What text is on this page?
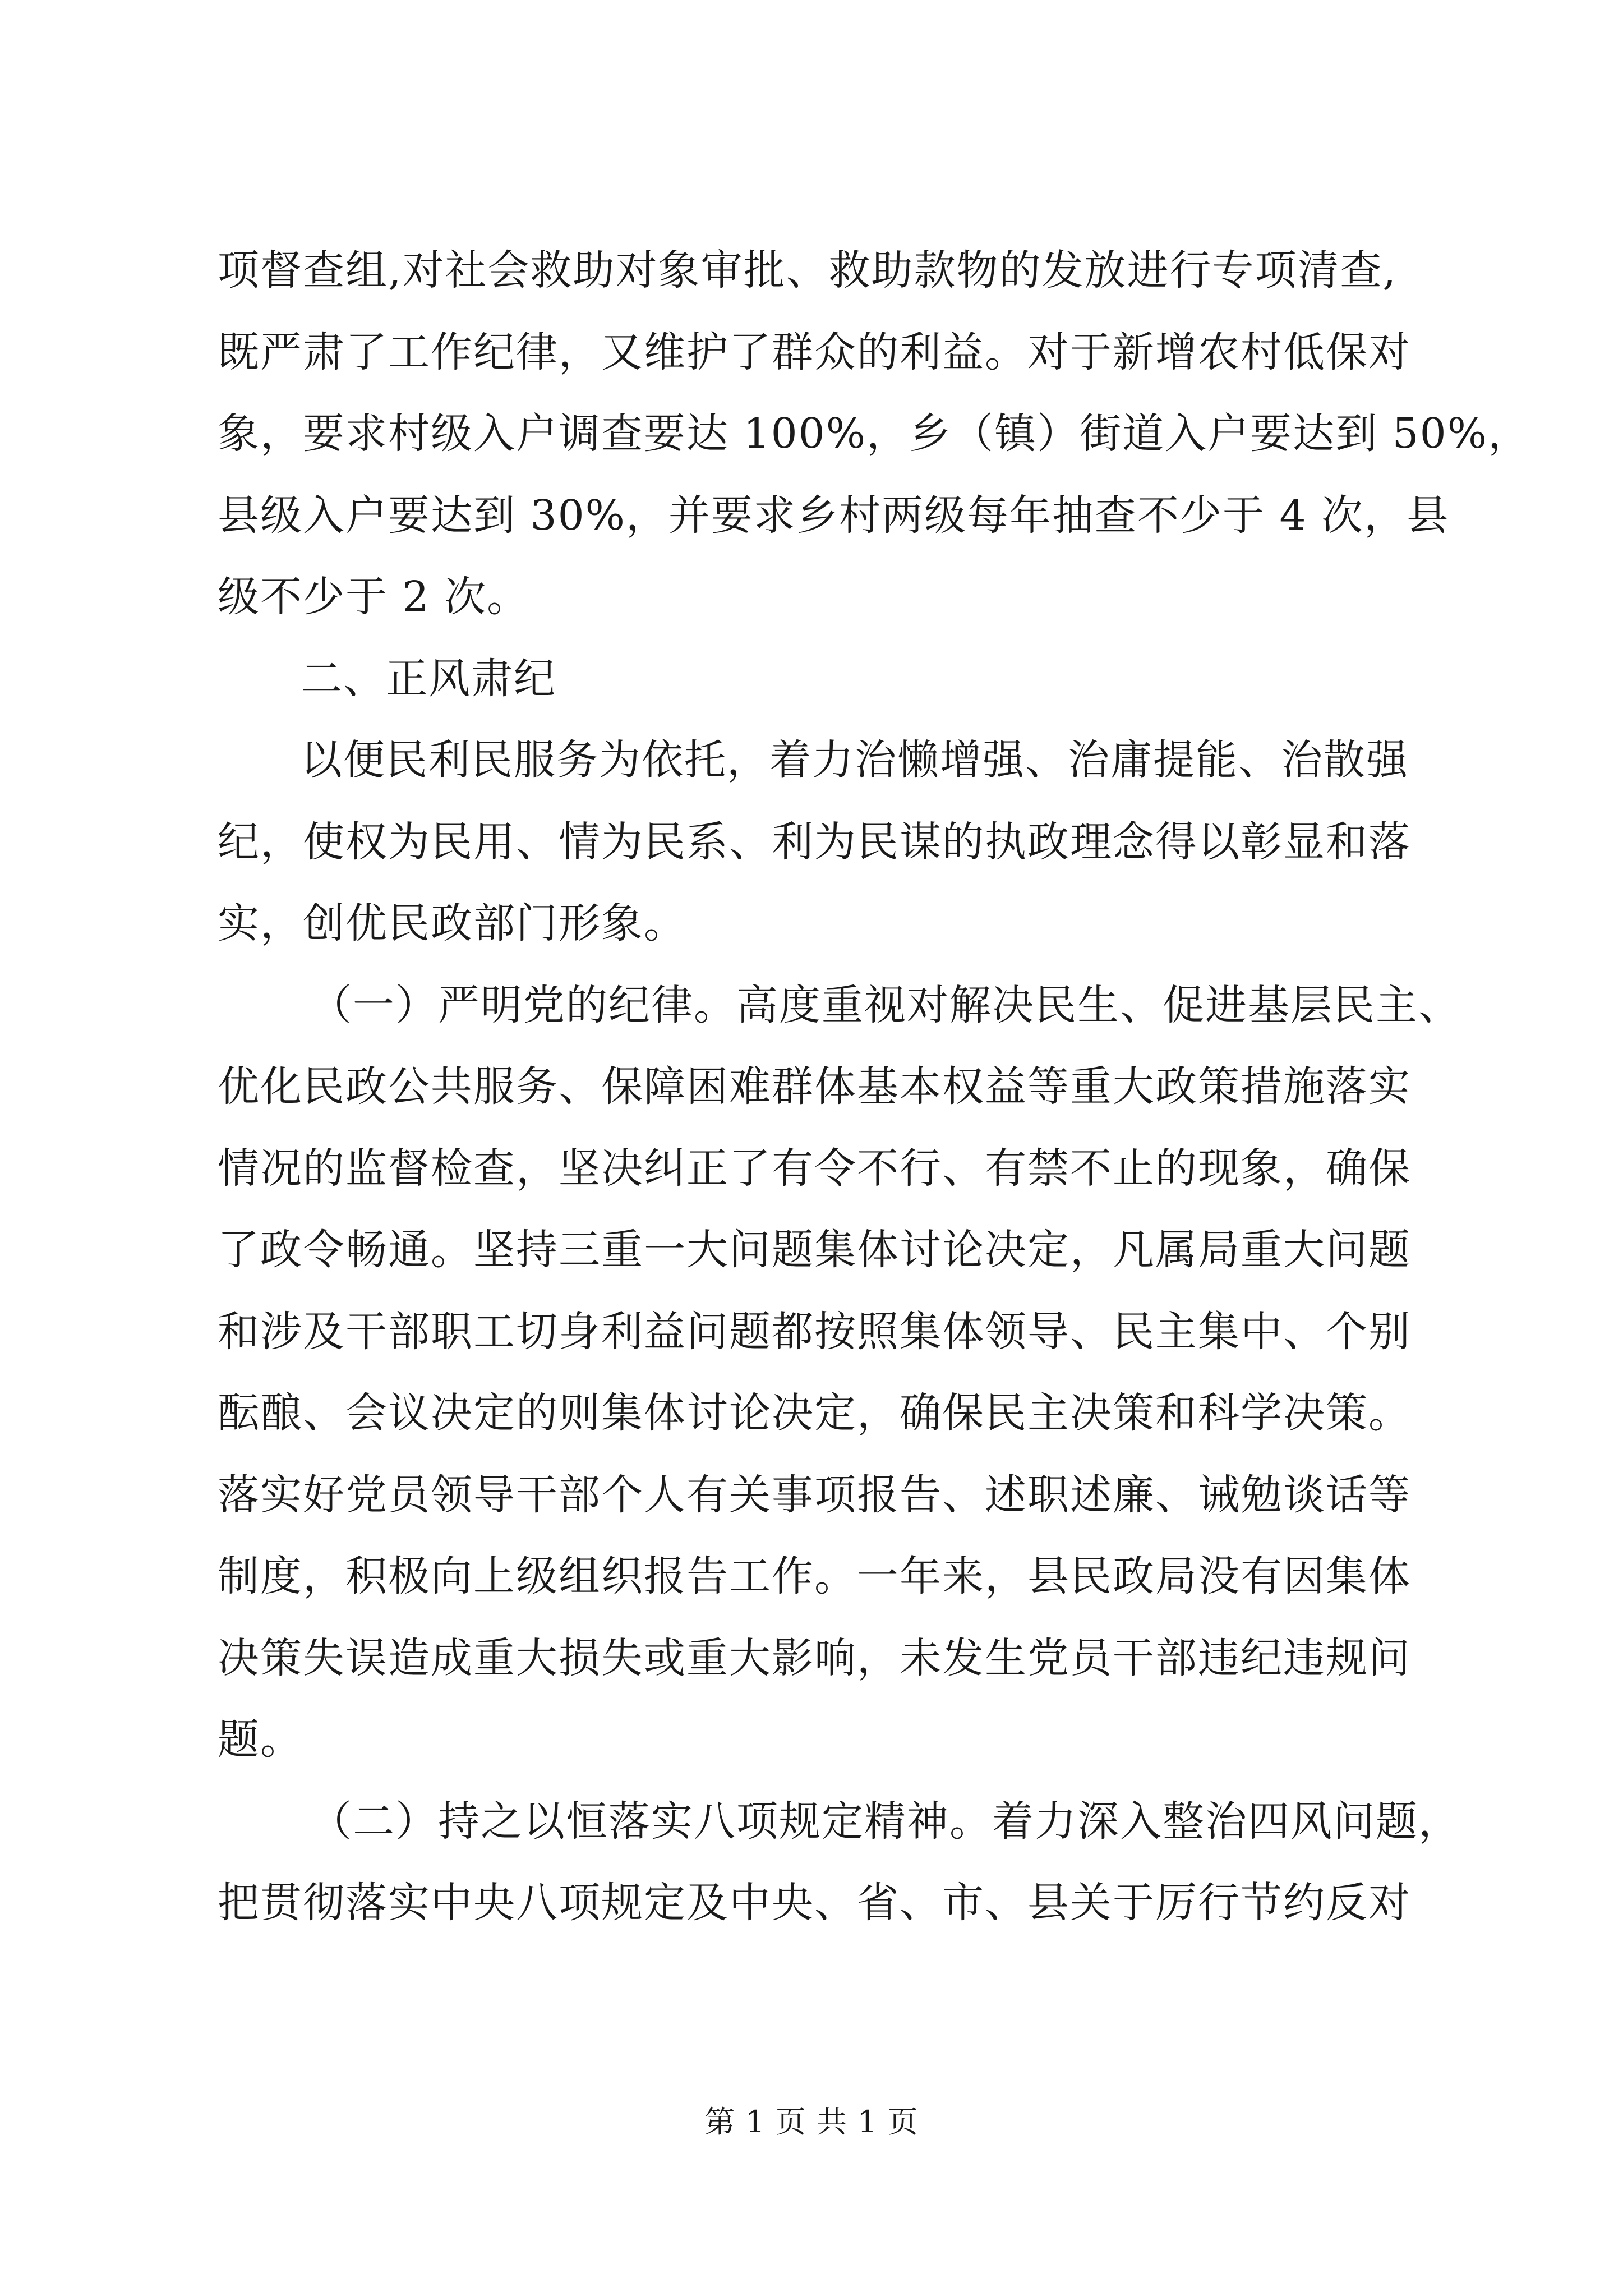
项督查组,对社会救助对象审批、救助款物的发放进行专项清查,
既严肃了工作纪律，又维护了群众的利益。对于新增农村低保对
象，要求村级入户调查要达 100%，乡（镇）街道入户要达到 50%，
县级入户要达到 30%，并要求乡村两级每年抽查不少于 4 次，县
级不少于 2 次。
二、正风肃纪
以便民利民服务为依托，着力治懒增强、治庸提能、治散强
纪，使权为民用、情为民系、利为民谋的执政理念得以彰显和落
实，创优民政部门形象。
（一）严明党的纪律。高度重视对解决民生、促进基层民主、
优化民政公共服务、保障困难群体基本权益等重大政策措施落实
情况的监督检查，坚决纠正了有令不行、有禁不止的现象，确保
了政令畅通。坚持三重一大问题集体讨论决定，凡属局重大问题
和涉及干部职工切身利益问题都按照集体领导、民主集中、个别
酝酿、会议决定的则集体讨论决定，确保民主决策和科学决策。
落实好党员领导干部个人有关事项报告、述职述廉、诫勉谈话等
制度，积极向上级组织报告工作。一年来，县民政局没有因集体
决策失误造成重大损失或重大影响，未发生党员干部违纪违规问
题。
（二）持之以恒落实八项规定精神。着力深入整治四风问题，
把贯彻落实中央八项规定及中央、省、市、县关于厉行节约反对
第 1 页 共 1 页
